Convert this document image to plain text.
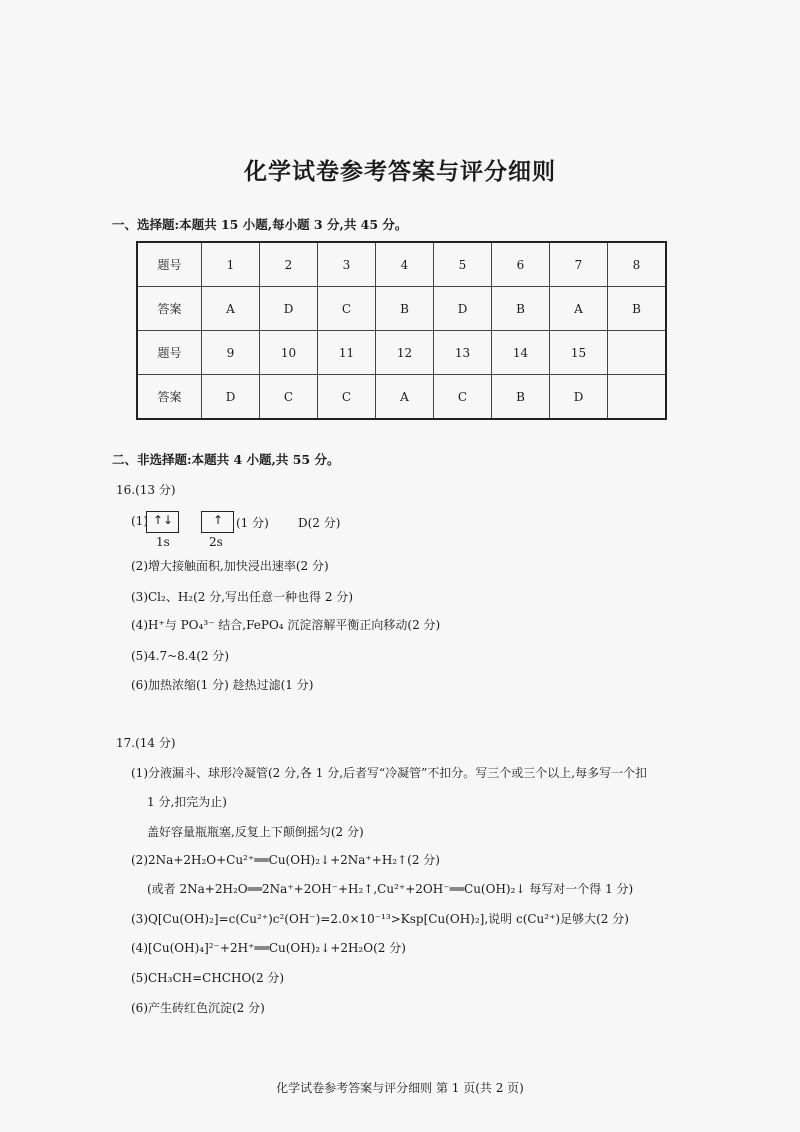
化学试卷参考答案与评分细则
一、选择题:本题共 15 小题,每小题 3 分,共 45 分。
题号	1	2	3	4	5	6	7	8
答案	A	D	C	B	D	B	A	B
题号	9	10	11	12	13	14	15	
答案	D	C	C	A	C	B	D	
二、非选择题:本题共 4 小题,共 55 分。
16.(13 分)
(1) ↑↓	↑ (1 分) D(2 分)
1s	2s
(2)增大接触面积,加快浸出速率(2 分)
(3)Cl₂、H₂(2 分,写出任意一种也得 2 分)
(4)H⁺与 PO₄³⁻ 结合,FePO₄ 沉淀溶解平衡正向移动(2 分)
(5)4.7~8.4(2 分)
(6)加热浓缩(1 分) 趁热过滤(1 分)
17.(14 分)
(1)分液漏斗、球形冷凝管(2 分,各 1 分,后者写“冷凝管”不扣分。写三个或三个以上,每多写一个扣
1 分,扣完为止)
盖好容量瓶瓶塞,反复上下颠倒摇匀(2 分)
(2)2Na+2H₂O+Cu²⁺══Cu(OH)₂↓+2Na⁺+H₂↑(2 分)
(或者 2Na+2H₂O══2Na⁺+2OH⁻+H₂↑,Cu²⁺+2OH⁻══Cu(OH)₂↓ 每写对一个得 1 分)
(3)Q[Cu(OH)₂]=c(Cu²⁺)c²(OH⁻)=2.0×10⁻¹³>Ksp[Cu(OH)₂],说明 c(Cu²⁺)足够大(2 分)
(4)[Cu(OH)₄]²⁻+2H⁺══Cu(OH)₂↓+2H₂O(2 分)
(5)CH₃CH=CHCHO(2 分)
(6)产生砖红色沉淀(2 分)
化学试卷参考答案与评分细则 第 1 页(共 2 页)
